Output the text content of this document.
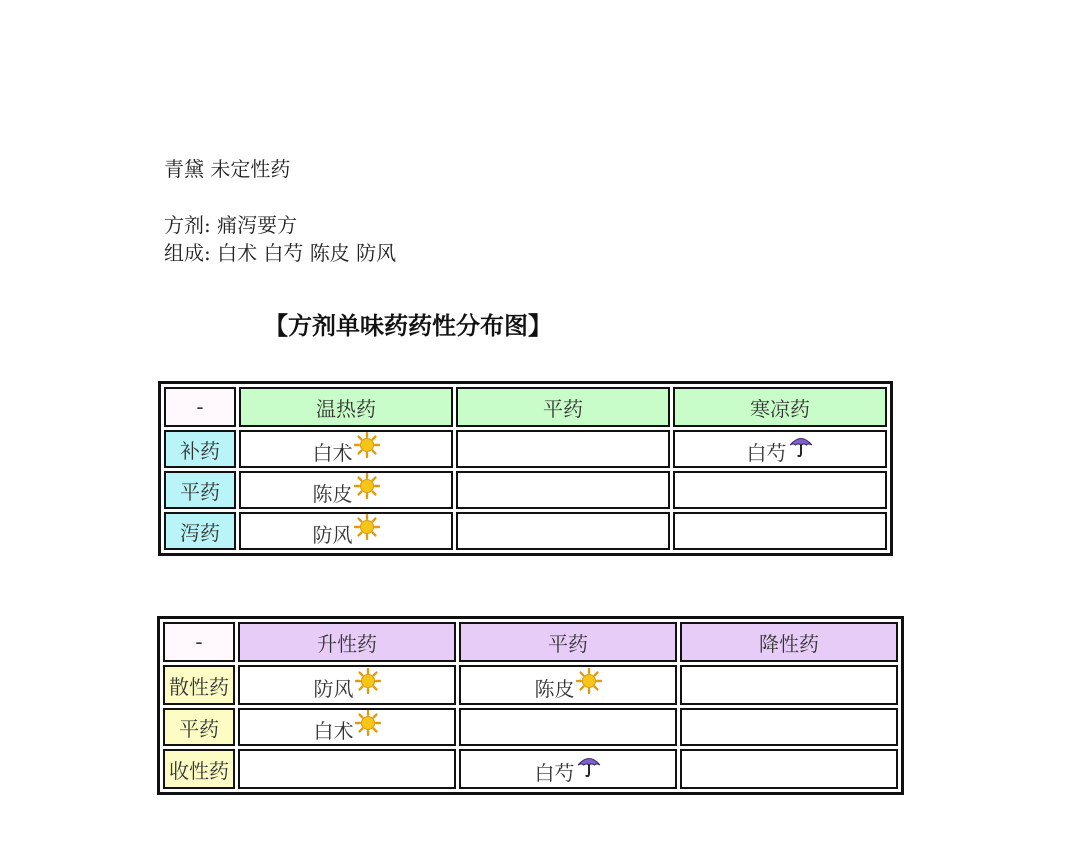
青黛 未定性药
方剂: 痛泻要方
组成: 白术 白芍 陈皮 防风
【方剂单味药药性分布图】
-	温热药	平药	寒凉药
补药	白术		白芍

平药	陈皮		

泻药	防风		

-	升性药	平药	降性药
散性药	防风	陈皮	

平药	白术		

收性药		白芍	
